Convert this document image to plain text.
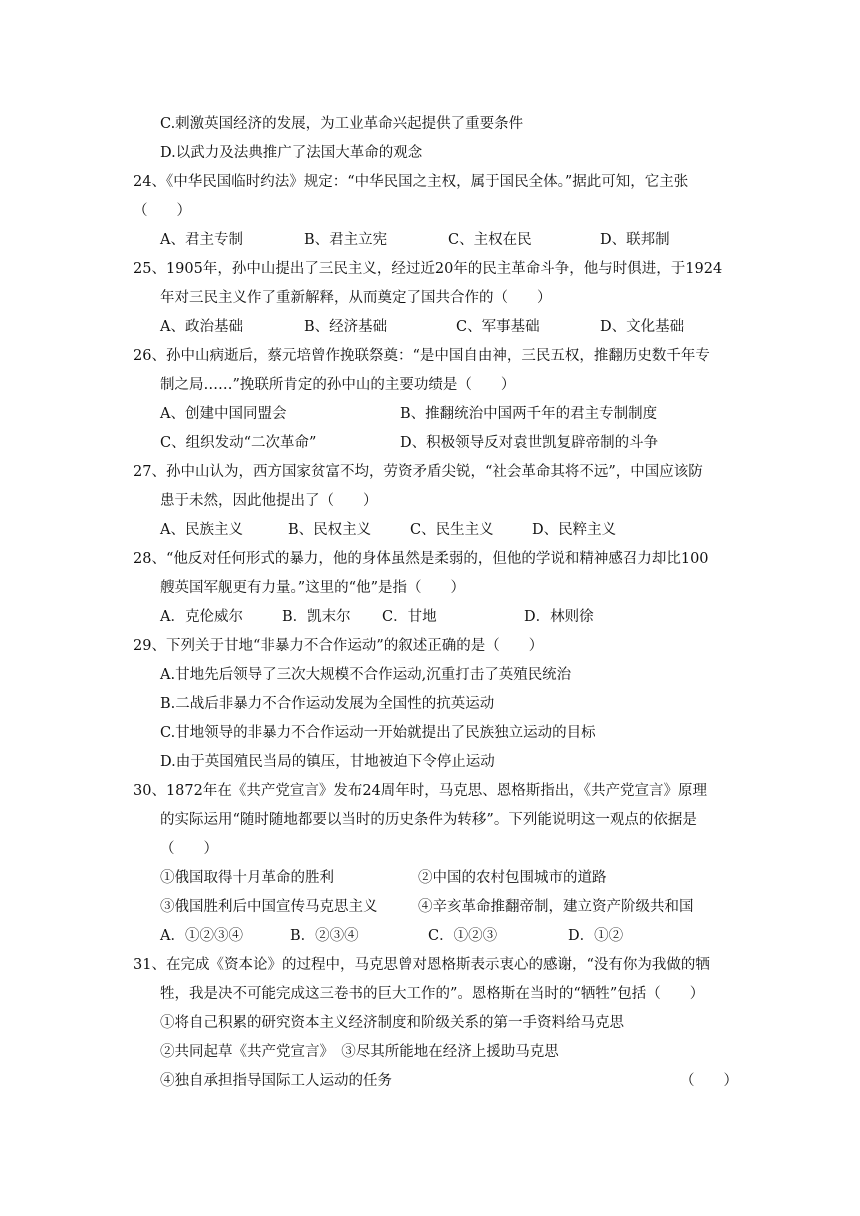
C.刺激英国经济的发展，为工业革命兴起提供了重要条件
D.以武力及法典推广了法国大革命的观念
24、《中华民国临时约法》规定：“中华民国之主权，属于国民全体。”据此可知，它主张
（　　）
A、君主专制	B、君主立宪	C、主权在民	D、联邦制
25、1905年，孙中山提出了三民主义，经过近20年的民主革命斗争，他与时俱进，于1924
年对三民主义作了重新解释，从而奠定了国共合作的（　　）
A、政治基础	B、经济基础	C、军事基础	D、文化基础
26、孙中山病逝后，蔡元培曾作挽联祭奠：“是中国自由神，三民五权，推翻历史数千年专
制之局……”挽联所肯定的孙中山的主要功绩是（　　）
A、创建中国同盟会	B、推翻统治中国两千年的君主专制制度
C、组织发动“二次革命”	D、积极领导反对袁世凯复辟帝制的斗争
27、孙中山认为，西方国家贫富不均，劳资矛盾尖锐，“社会革命其将不远”，中国应该防
患于未然，因此他提出了（　　）
A、民族主义	B、民权主义	C、民生主义	D、民粹主义
28、“他反对任何形式的暴力，他的身体虽然是柔弱的，但他的学说和精神感召力却比100
艘英国军舰更有力量。”这里的“他”是指（　　）
A．克伦威尔	B．凯末尔 C．甘地	D．林则徐
29、下列关于甘地“非暴力不合作运动”的叙述正确的是（　　）
A.甘地先后领导了三次大规模不合作运动,沉重打击了英殖民统治
B.二战后非暴力不合作运动发展为全国性的抗英运动
C.甘地领导的非暴力不合作运动一开始就提出了民族独立运动的目标
D.由于英国殖民当局的镇压，甘地被迫下令停止运动
30、1872年在《共产党宣言》发布24周年时，马克思、恩格斯指出，《共产党宣言》原理
的实际运用“随时随地都要以当时的历史条件为转移”。下列能说明这一观点的依据是
（　　）
①俄国取得十月革命的胜利	②中国的农村包围城市的道路
③俄国胜利后中国宣传马克思主义	④辛亥革命推翻帝制，建立资产阶级共和国
A．①②③④	B．②③④	C．①②③	D．①②
31、在完成《资本论》的过程中，马克思曾对恩格斯表示衷心的感谢，“没有你为我做的牺
牲，我是决不可能完成这三卷书的巨大工作的”。恩格斯在当时的“牺牲”包括（　　）
①将自己积累的研究资本主义经济制度和阶级关系的第一手资料给马克思
②共同起草《共产党宣言》　③尽其所能地在经济上援助马克思
④独自承担指导国际工人运动的任务	（　　）
